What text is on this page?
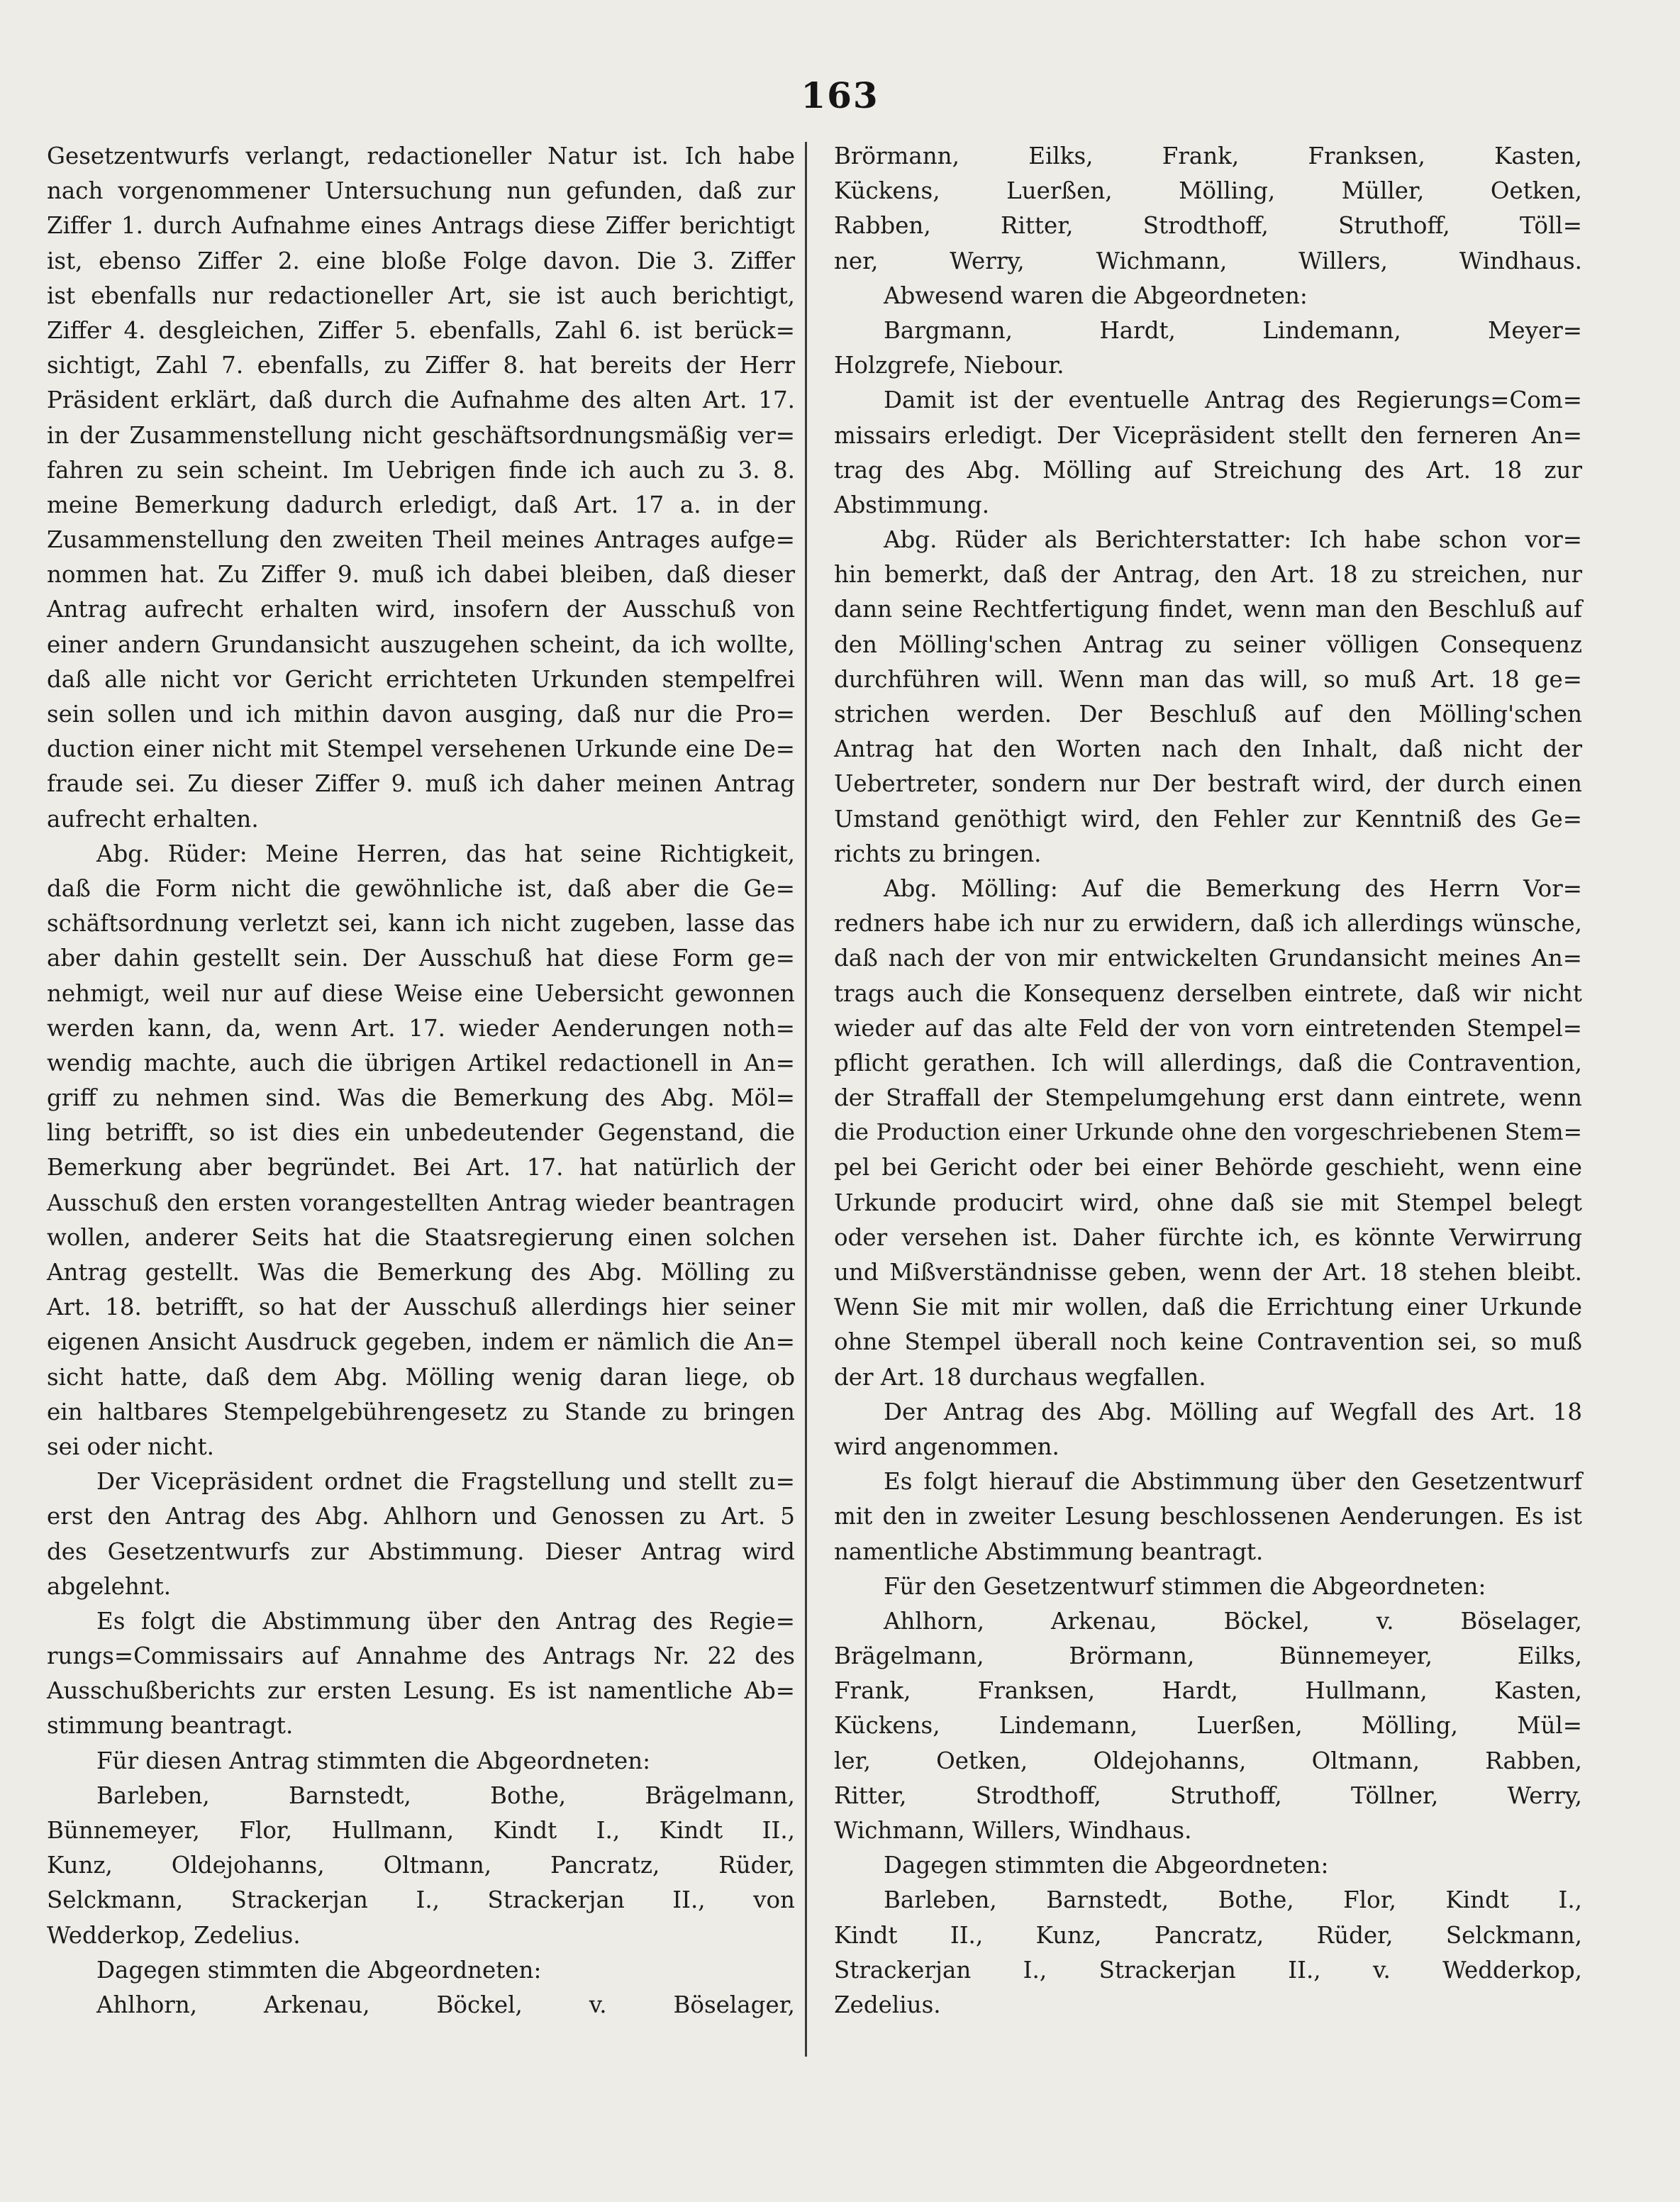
163
Gesetzentwurfs verlangt, redactioneller Natur ist. Ich habe
nach vorgenommener Untersuchung nun gefunden, daß zur
Ziffer 1. durch Aufnahme eines Antrags diese Ziffer berichtigt
ist, ebenso Ziffer 2. eine bloße Folge davon. Die 3. Ziffer
ist ebenfalls nur redactioneller Art, sie ist auch berichtigt,
Ziffer 4. desgleichen, Ziffer 5. ebenfalls, Zahl 6. ist berück=
sichtigt, Zahl 7. ebenfalls, zu Ziffer 8. hat bereits der Herr
Präsident erklärt, daß durch die Aufnahme des alten Art. 17.
in der Zusammenstellung nicht geschäftsordnungsmäßig ver=
fahren zu sein scheint. Im Uebrigen finde ich auch zu 3. 8.
meine Bemerkung dadurch erledigt, daß Art. 17 a. in der
Zusammenstellung den zweiten Theil meines Antrages aufge=
nommen hat. Zu Ziffer 9. muß ich dabei bleiben, daß dieser
Antrag aufrecht erhalten wird, insofern der Ausschuß von
einer andern Grundansicht auszugehen scheint, da ich wollte,
daß alle nicht vor Gericht errichteten Urkunden stempelfrei
sein sollen und ich mithin davon ausging, daß nur die Pro=
duction einer nicht mit Stempel versehenen Urkunde eine De=
fraude sei. Zu dieser Ziffer 9. muß ich daher meinen Antrag
aufrecht erhalten.
Abg. Rüder: Meine Herren, das hat seine Richtigkeit,
daß die Form nicht die gewöhnliche ist, daß aber die Ge=
schäftsordnung verletzt sei, kann ich nicht zugeben, lasse das
aber dahin gestellt sein. Der Ausschuß hat diese Form ge=
nehmigt, weil nur auf diese Weise eine Uebersicht gewonnen
werden kann, da, wenn Art. 17. wieder Aenderungen noth=
wendig machte, auch die übrigen Artikel redactionell in An=
griff zu nehmen sind. Was die Bemerkung des Abg. Möl=
ling betrifft, so ist dies ein unbedeutender Gegenstand, die
Bemerkung aber begründet. Bei Art. 17. hat natürlich der
Ausschuß den ersten vorangestellten Antrag wieder beantragen
wollen, anderer Seits hat die Staatsregierung einen solchen
Antrag gestellt. Was die Bemerkung des Abg. Mölling zu
Art. 18. betrifft, so hat der Ausschuß allerdings hier seiner
eigenen Ansicht Ausdruck gegeben, indem er nämlich die An=
sicht hatte, daß dem Abg. Mölling wenig daran liege, ob
ein haltbares Stempelgebührengesetz zu Stande zu bringen
sei oder nicht.
Der Vicepräsident ordnet die Fragstellung und stellt zu=
erst den Antrag des Abg. Ahlhorn und Genossen zu Art. 5
des Gesetzentwurfs zur Abstimmung. Dieser Antrag wird
abgelehnt.
Es folgt die Abstimmung über den Antrag des Regie=
rungs=Commissairs auf Annahme des Antrags Nr. 22 des
Ausschußberichts zur ersten Lesung. Es ist namentliche Ab=
stimmung beantragt.
Für diesen Antrag stimmten die Abgeordneten:
Barleben, Barnstedt, Bothe, Brägelmann,
Bünnemeyer, Flor, Hullmann, Kindt I., Kindt II.,
Kunz, Oldejohanns, Oltmann, Pancratz, Rüder,
Selckmann, Strackerjan I., Strackerjan II., von
Wedderkop, Zedelius.
Dagegen stimmten die Abgeordneten:
Ahlhorn, Arkenau, Böckel, v. Böselager,
Brörmann, Eilks, Frank, Franksen, Kasten,
Kückens, Luerßen, Mölling, Müller, Oetken,
Rabben, Ritter, Strodthoff, Struthoff, Töll=
ner, Werry, Wichmann, Willers, Windhaus.
Abwesend waren die Abgeordneten:
Bargmann, Hardt, Lindemann, Meyer=
Holzgrefe, Niebour.
Damit ist der eventuelle Antrag des Regierungs=Com=
missairs erledigt. Der Vicepräsident stellt den ferneren An=
trag des Abg. Mölling auf Streichung des Art. 18 zur
Abstimmung.
Abg. Rüder als Berichterstatter: Ich habe schon vor=
hin bemerkt, daß der Antrag, den Art. 18 zu streichen, nur
dann seine Rechtfertigung findet, wenn man den Beschluß auf
den Mölling'schen Antrag zu seiner völligen Consequenz
durchführen will. Wenn man das will, so muß Art. 18 ge=
strichen werden. Der Beschluß auf den Mölling'schen
Antrag hat den Worten nach den Inhalt, daß nicht der
Uebertreter, sondern nur Der bestraft wird, der durch einen
Umstand genöthigt wird, den Fehler zur Kenntniß des Ge=
richts zu bringen.
Abg. Mölling: Auf die Bemerkung des Herrn Vor=
redners habe ich nur zu erwidern, daß ich allerdings wünsche,
daß nach der von mir entwickelten Grundansicht meines An=
trags auch die Konsequenz derselben eintrete, daß wir nicht
wieder auf das alte Feld der von vorn eintretenden Stempel=
pflicht gerathen. Ich will allerdings, daß die Contravention,
der Straffall der Stempelumgehung erst dann eintrete, wenn
die Production einer Urkunde ohne den vorgeschriebenen Stem=
pel bei Gericht oder bei einer Behörde geschieht, wenn eine
Urkunde producirt wird, ohne daß sie mit Stempel belegt
oder versehen ist. Daher fürchte ich, es könnte Verwirrung
und Mißverständnisse geben, wenn der Art. 18 stehen bleibt.
Wenn Sie mit mir wollen, daß die Errichtung einer Urkunde
ohne Stempel überall noch keine Contravention sei, so muß
der Art. 18 durchaus wegfallen.
Der Antrag des Abg. Mölling auf Wegfall des Art. 18
wird angenommen.
Es folgt hierauf die Abstimmung über den Gesetzentwurf
mit den in zweiter Lesung beschlossenen Aenderungen. Es ist
namentliche Abstimmung beantragt.
Für den Gesetzentwurf stimmen die Abgeordneten:
Ahlhorn, Arkenau, Böckel, v. Böselager,
Brägelmann, Brörmann, Bünnemeyer, Eilks,
Frank, Franksen, Hardt, Hullmann, Kasten,
Kückens, Lindemann, Luerßen, Mölling, Mül=
ler, Oetken, Oldejohanns, Oltmann, Rabben,
Ritter, Strodthoff, Struthoff, Töllner, Werry,
Wichmann, Willers, Windhaus.
Dagegen stimmten die Abgeordneten:
Barleben, Barnstedt, Bothe, Flor, Kindt I.,
Kindt II., Kunz, Pancratz, Rüder, Selckmann,
Strackerjan I., Strackerjan II., v. Wedderkop,
Zedelius.
